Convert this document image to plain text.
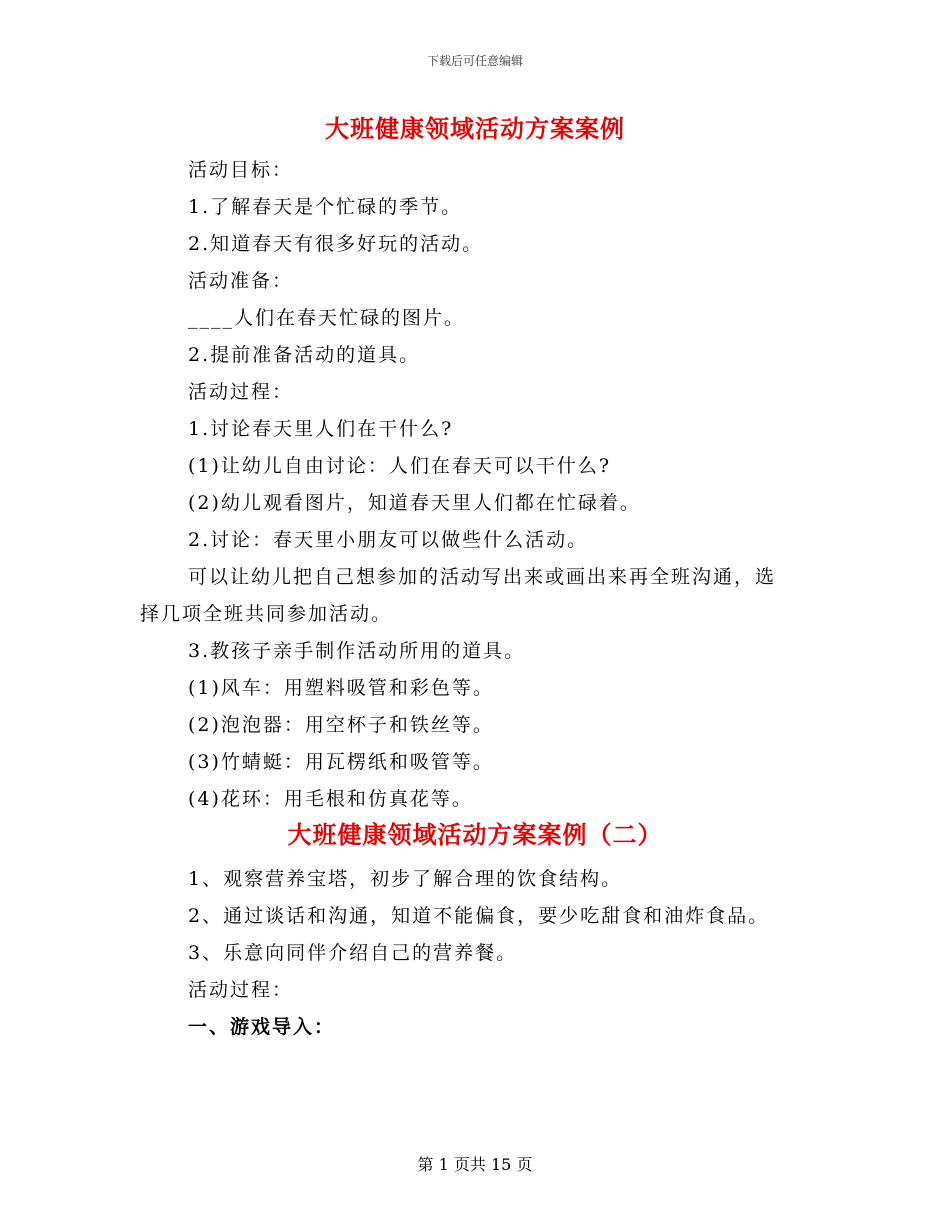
下载后可任意编辑
大班健康领域活动方案案例
活动目标：
1.了解春天是个忙碌的季节。
2.知道春天有很多好玩的活动。
活动准备：
____人们在春天忙碌的图片。
2.提前准备活动的道具。
活动过程：
1.讨论春天里人们在干什么?
(1)让幼儿自由讨论：人们在春天可以干什么?
(2)幼儿观看图片，知道春天里人们都在忙碌着。
2.讨论：春天里小朋友可以做些什么活动。
可以让幼儿把自己想参加的活动写出来或画出来再全班沟通，选
择几项全班共同参加活动。
3.教孩子亲手制作活动所用的道具。
(1)风车：用塑料吸管和彩色等。
(2)泡泡器：用空杯子和铁丝等。
(3)竹蜻蜓：用瓦楞纸和吸管等。
(4)花环：用毛根和仿真花等。
大班健康领域活动方案案例（二）
1、观察营养宝塔，初步了解合理的饮食结构。
2、通过谈话和沟通，知道不能偏食，要少吃甜食和油炸食品。
3、乐意向同伴介绍自己的营养餐。
活动过程：
一、游戏导入：
第 1 页共 15 页
